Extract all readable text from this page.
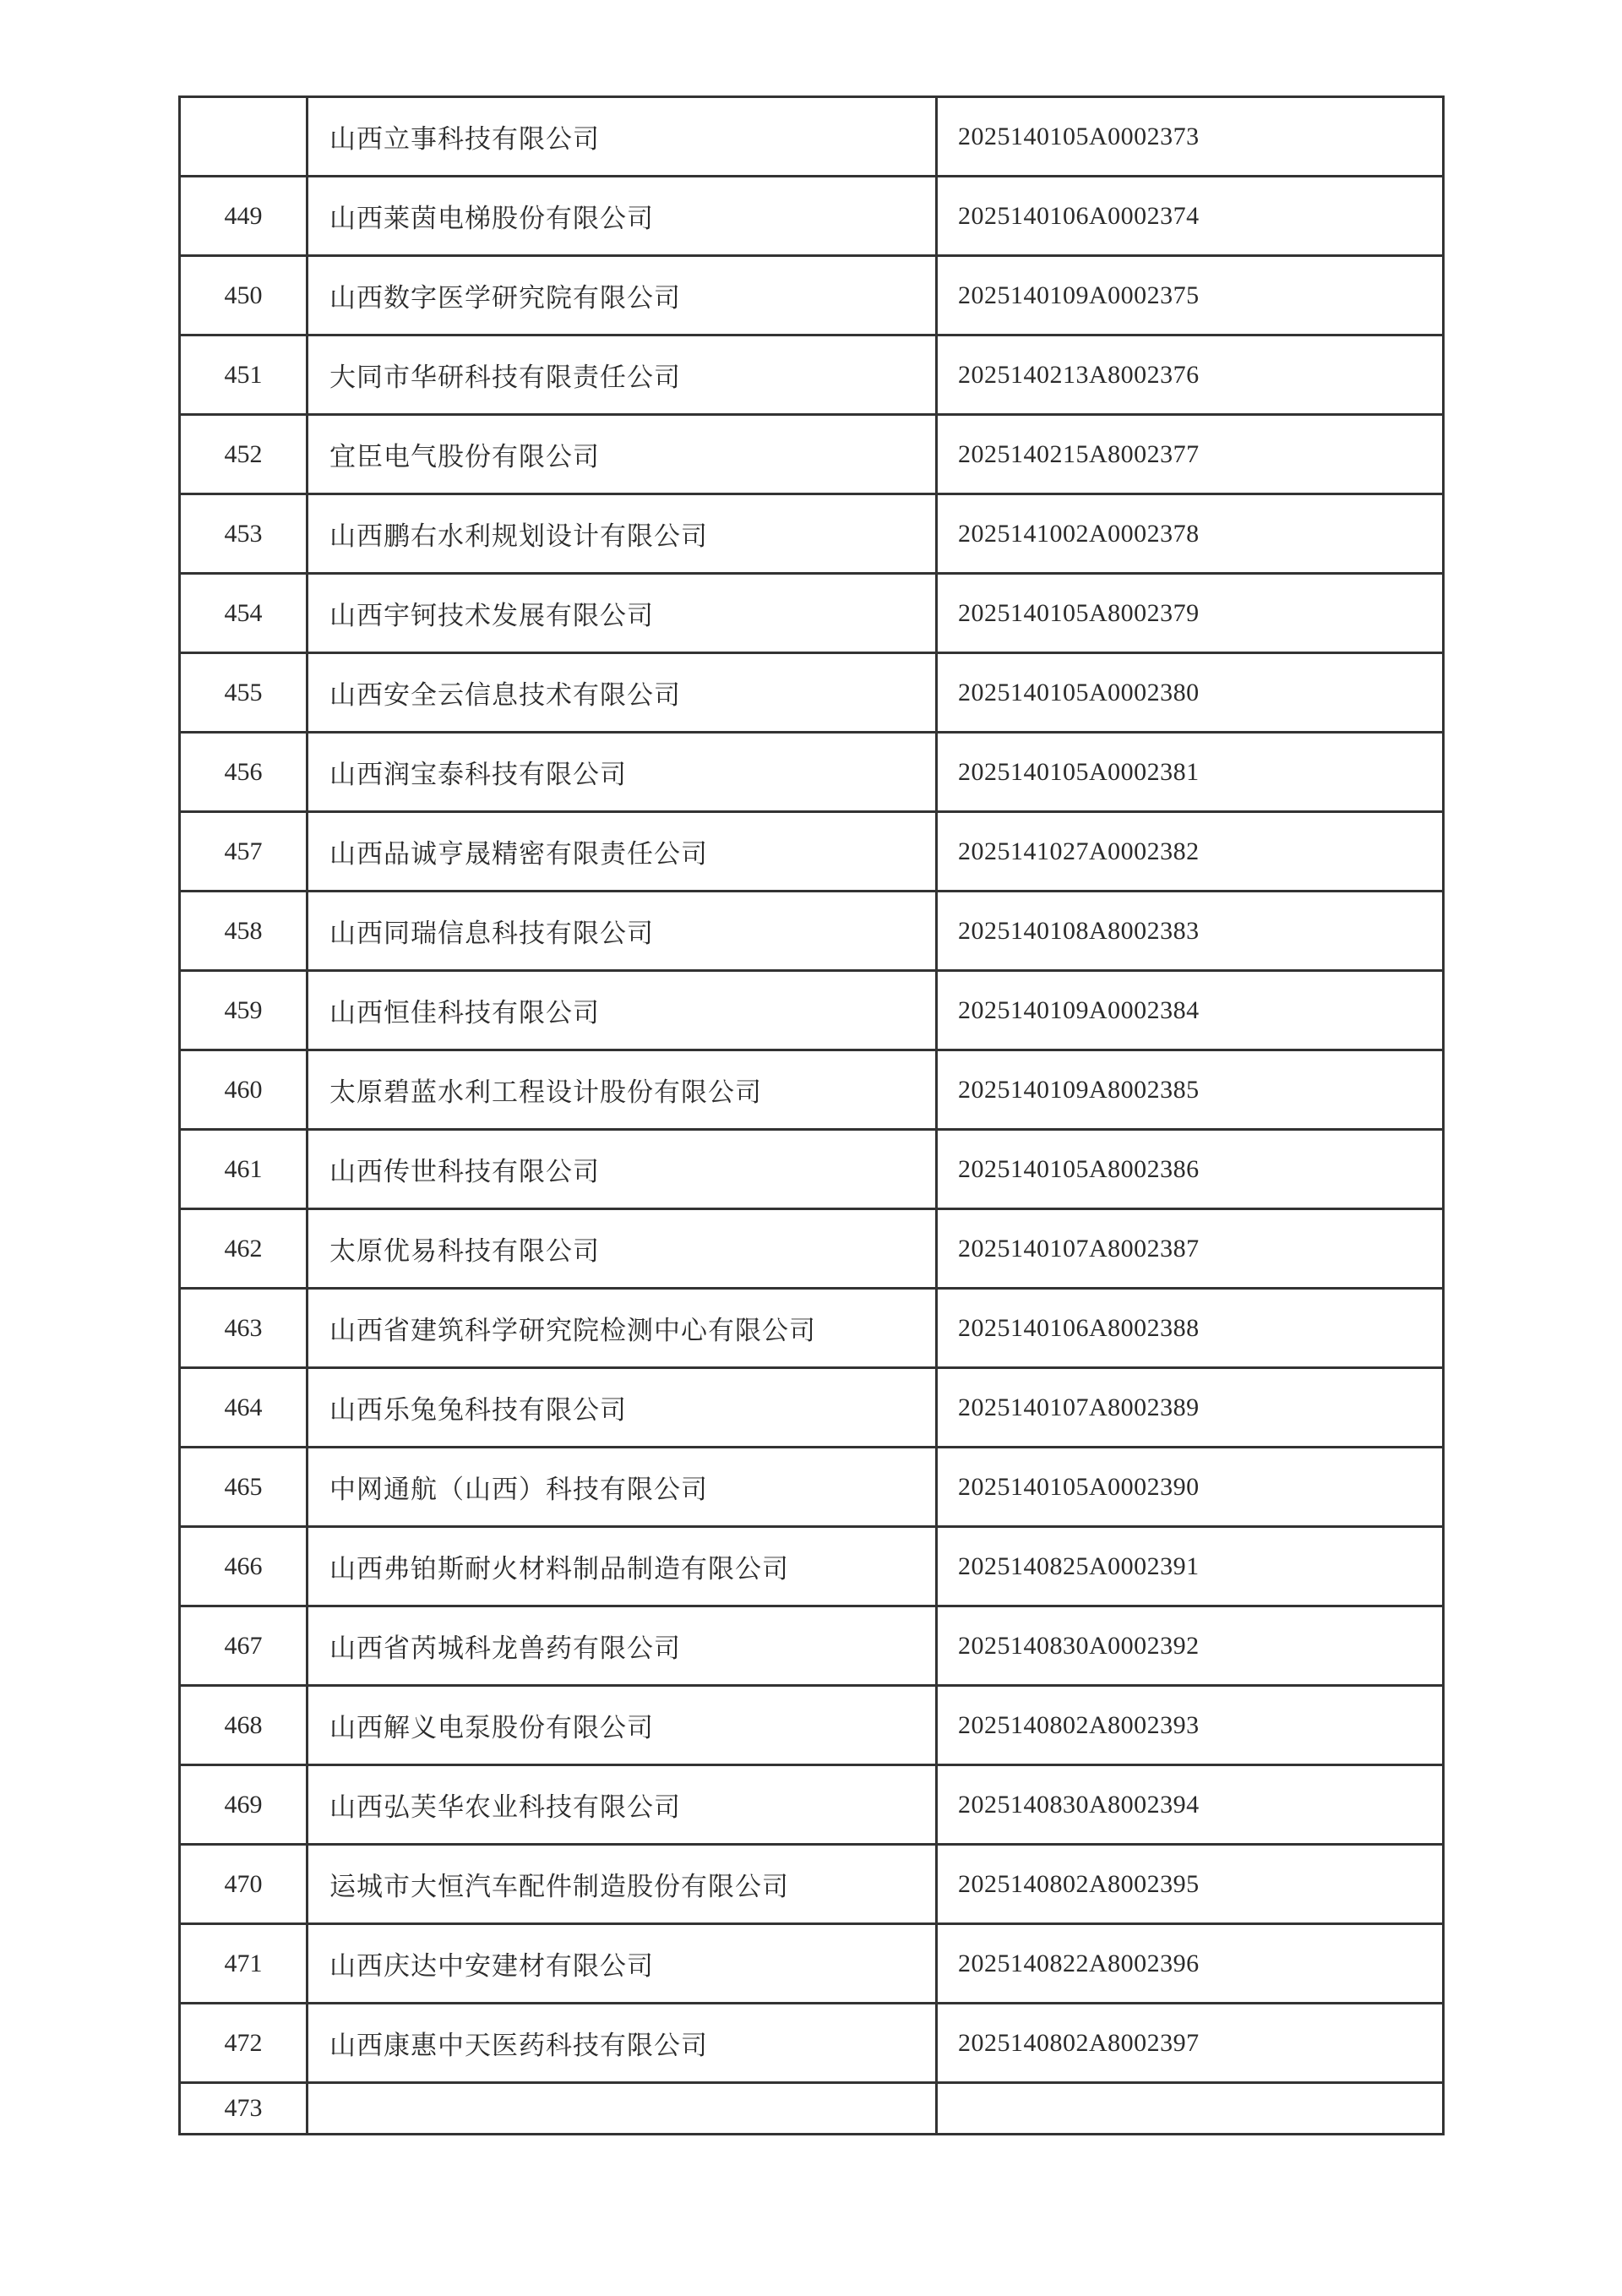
	山西立事科技有限公司	2025140105A0002373
449	山西莱茵电梯股份有限公司	2025140106A0002374
450	山西数字医学研究院有限公司	2025140109A0002375
451	大同市华研科技有限责任公司	2025140213A8002376
452	宜臣电气股份有限公司	2025140215A8002377
453	山西鹏右水利规划设计有限公司	2025141002A0002378
454	山西宇钶技术发展有限公司	2025140105A8002379
455	山西安全云信息技术有限公司	2025140105A0002380
456	山西润宝泰科技有限公司	2025140105A0002381
457	山西品诚亨晟精密有限责任公司	2025141027A0002382
458	山西同瑞信息科技有限公司	2025140108A8002383
459	山西恒佳科技有限公司	2025140109A0002384
460	太原碧蓝水利工程设计股份有限公司	2025140109A8002385
461	山西传世科技有限公司	2025140105A8002386
462	太原优易科技有限公司	2025140107A8002387
463	山西省建筑科学研究院检测中心有限公司	2025140106A8002388
464	山西乐兔兔科技有限公司	2025140107A8002389
465	中网通航（山西）科技有限公司	2025140105A0002390
466	山西弗铂斯耐火材料制品制造有限公司	2025140825A0002391
467	山西省芮城科龙兽药有限公司	2025140830A0002392
468	山西解义电泵股份有限公司	2025140802A8002393
469	山西弘芙华农业科技有限公司	2025140830A8002394
470	运城市大恒汽车配件制造股份有限公司	2025140802A8002395
471	山西庆达中安建材有限公司	2025140822A8002396
472	山西康惠中天医药科技有限公司	2025140802A8002397
473		
